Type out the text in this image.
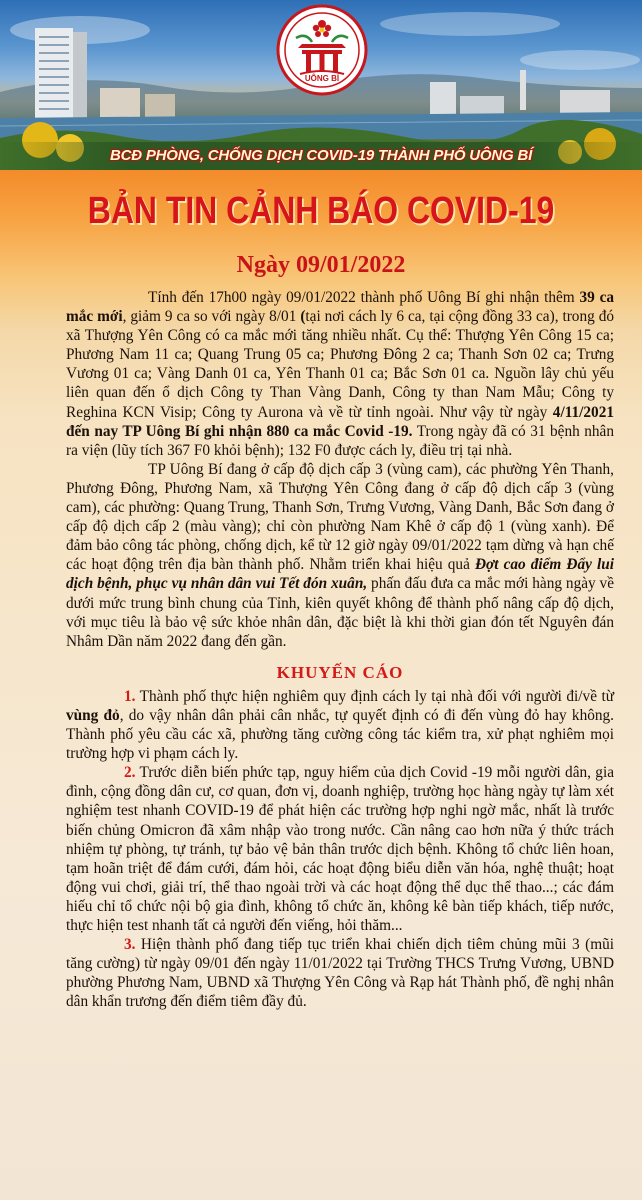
UÔNG BÍ
BCĐ PHÒNG, CHỐNG DỊCH COVID-19 THÀNH PHỐ UÔNG BÍ
BẢN TIN CẢNH BÁO COVID-19
Ngày 09/01/2022

Tính đến 17h00 ngày 09/01/2022 thành phố Uông Bí ghi nhận thêm 39 ca mắc mới, giảm 9 ca so với ngày 8/01 (tại nơi cách ly 6 ca, tại cộng đồng 33 ca), trong đó xã Thượng Yên Công có ca mắc mới tăng nhiều nhất. Cụ thể: Thượng Yên Công 15 ca; Phương Nam 11 ca; Quang Trung 05 ca; Phương Đông 2 ca; Thanh Sơn 02 ca; Trưng Vương 01 ca; Vàng Danh 01 ca, Yên Thanh 01 ca; Bắc Sơn 01 ca. Nguồn lây chủ yếu liên quan đến ổ dịch Công ty Than Vàng Danh, Công ty than Nam Mẫu; Công ty Reghina KCN Visip; Công ty Aurona và về từ tỉnh ngoài. Như vậy từ ngày 4/11/2021 đến nay TP Uông Bí ghi nhận 880 ca mắc Covid -19. Trong ngày đã có 31 bệnh nhân ra viện (lũy tích 367 F0 khỏi bệnh); 132 F0 được cách ly, điều trị tại nhà.

TP Uông Bí đang ở cấp độ dịch cấp 3 (vùng cam), các phường Yên Thanh, Phương Đông, Phương Nam, xã Thượng Yên Công đang ở cấp độ dịch cấp 3 (vùng cam), các phường: Quang Trung, Thanh Sơn, Trưng Vương, Vàng Danh, Bắc Sơn đang ở cấp độ dịch cấp 2 (màu vàng); chỉ còn phường Nam Khê ở cấp độ 1 (vùng xanh). Để đảm bảo công tác phòng, chống dịch, kể từ 12 giờ ngày 09/01/2022 tạm dừng và hạn chế các hoạt động trên địa bàn thành phố. Nhằm triển khai hiệu quả Đợt cao điểm Đẩy lui dịch bệnh, phục vụ nhân dân vui Tết đón xuân, phấn đấu đưa ca mắc mới hàng ngày về dưới mức trung bình chung của Tỉnh, kiên quyết không để thành phố nâng cấp độ dịch, với mục tiêu là bảo vệ sức khỏe nhân dân, đặc biệt là khi thời gian đón tết Nguyên đán Nhâm Dần năm 2022 đang đến gần.

KHUYẾN CÁO

1. Thành phố thực hiện nghiêm quy định cách ly tại nhà đối với người đi/về từ vùng đỏ, do vậy nhân dân phải cân nhắc, tự quyết định có đi đến vùng đỏ hay không. Thành phố yêu cầu các xã, phường tăng cường công tác kiểm tra, xử phạt nghiêm mọi trường hợp vi phạm cách ly.

2. Trước diễn biến phức tạp, nguy hiểm của dịch Covid -19 mỗi người dân, gia đình, cộng đồng dân cư, cơ quan, đơn vị, doanh nghiệp, trường học hàng ngày tự làm xét nghiệm test nhanh COVID-19 để phát hiện các trường hợp nghi ngờ mắc, nhất là trước biến chủng Omicron đã xâm nhập vào trong nước. Cần nâng cao hơn nữa ý thức trách nhiệm tự phòng, tự tránh, tự bảo vệ bản thân trước dịch bệnh. Không tổ chức liên hoan, tạm hoãn triệt để đám cưới, đám hỏi, các hoạt động biểu diễn văn hóa, nghệ thuật; hoạt động vui chơi, giải trí, thể thao ngoài trời và các hoạt động thể dục thể thao...; các đám hiếu chỉ tổ chức nội bộ gia đình, không tổ chức ăn, không kê bàn tiếp khách, tiếp nước, thực hiện test nhanh tất cả người đến viếng, hỏi thăm...

3. Hiện thành phố đang tiếp tục triển khai chiến dịch tiêm chủng mũi 3 (mũi tăng cường) từ ngày 09/01 đến ngày 11/01/2022 tại Trường THCS Trưng Vương, UBND phường Phương Nam, UBND xã Thượng Yên Công và Rạp hát Thành phố, đề nghị nhân dân khẩn trương đến điểm tiêm đầy đủ.
